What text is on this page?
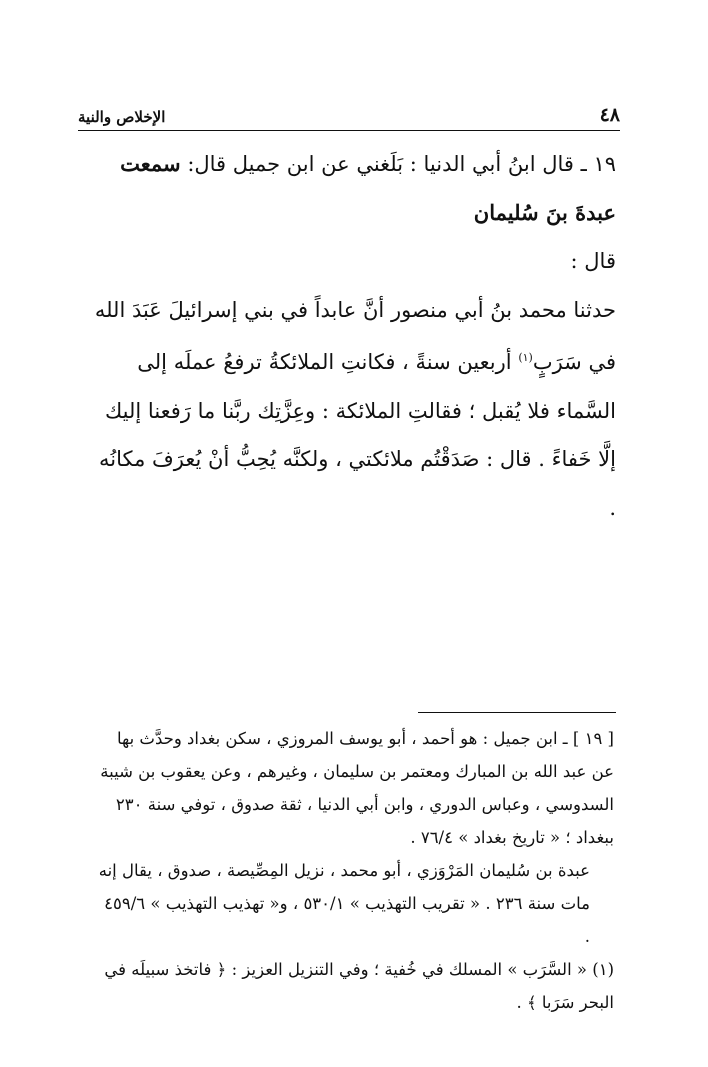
٤٨
الإخلاص والنية

١٩ ـ قال ابنُ أبي الدنيا : بَلَغني عن ابن جميل قال: سمعت عبدةَ بنَ سُليمان

قال :

حدثنا محمد بنُ أبي منصور أنَّ عابداً في بني إسرائيلَ عَبَدَ الله في سَرَبٍ$^{(١)}$ أربعين سنةً ، فكانتِ الملائكةُ ترفعُ عملَه إلى السَّماء فلا يُقبل ؛ فقالتِ الملائكة : وعِزَّتِك ربَّنا ما رَفعنا إليك إلَّا خَفاءً . قال : صَدَقْتُم ملائكتي ، ولكنَّه يُحِبُّ أنْ يُعرَفَ مكانُه .

[ ١٩ ] ـ ابن جميل : هو أحمد ، أبو يوسف المروزي ، سكن بغداد وحدَّث بها عن عبد الله بن المبارك ومعتمر بن سليمان ، وغيرهم ، وعن يعقوب بن شيبة السدوسي ، وعباس الدوري ، وابن أبي الدنيا ، ثقة صدوق ، توفي سنة ٢٣٠ ببغداد ؛ « تاريخ بغداد » ٧٦/٤ .

عبدة بن سُليمان المَرْوَزي ، أبو محمد ، نزيل المِصِّيصة ، صدوق ، يقال إنه مات سنة ٢٣٦ . « تقريب التهذيب » ٥٣٠/١ ، و« تهذيب التهذيب » ٤٥٩/٦ .

(١) « السَّرَب » المسلك في خُفية ؛ وفي التنزيل العزيز : ﴿ فاتخذ سبيلَه في البحر سَرَبا ﴾ .
